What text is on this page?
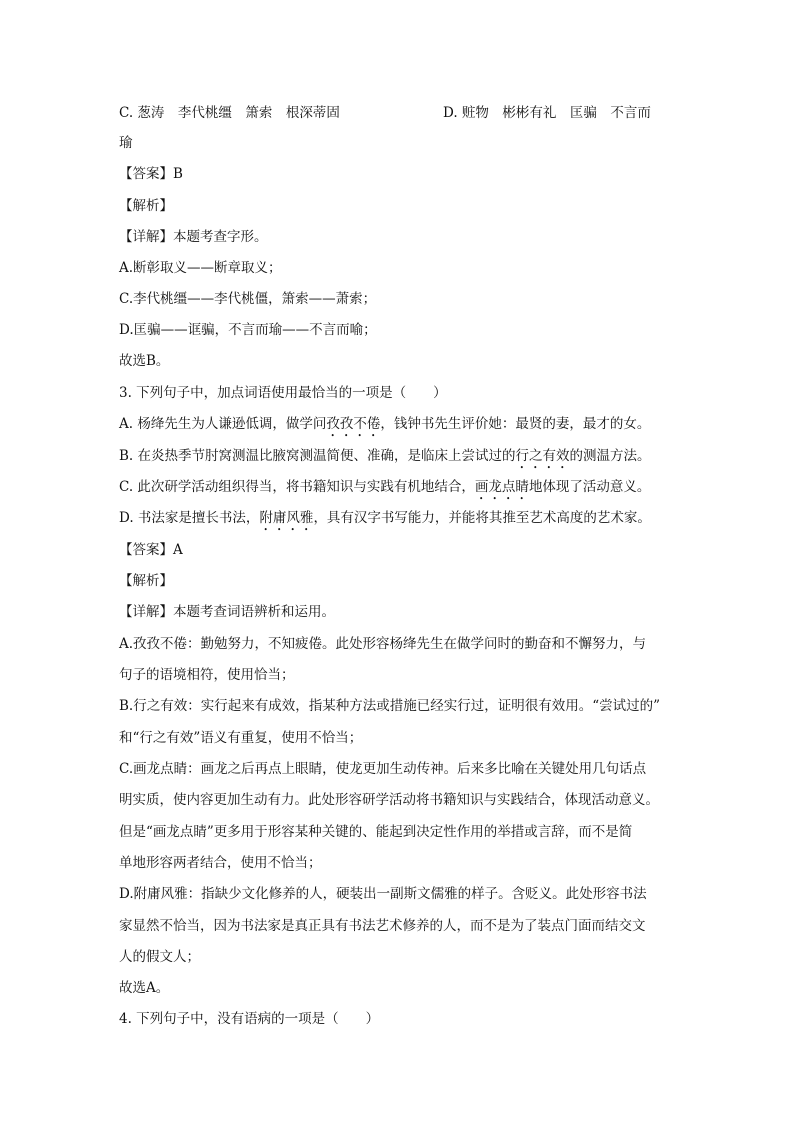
C. 葱涛　李代桃缰　箫索　根深蒂固	D. 赃物　彬彬有礼　匡骗　不言而
瑜
【答案】B
【解析】
【详解】本题考查字形。
A.断彰取义——断章取义；
C.李代桃缰——李代桃僵，箫索——萧索；
D.匡骗——诓骗，不言而瑜——不言而喻；
故选B。
3. 下列句子中，加点词语使用最恰当的一项是（　　）
A. 杨绛先生为人谦逊低调，做学问孜孜不倦，钱钟书先生评价她：最贤的妻，最才的女。
B. 在炎热季节肘窝测温比腋窝测温简便、准确，是临床上尝试过的行之有效的测温方法。
C. 此次研学活动组织得当，将书籍知识与实践有机地结合，画龙点睛地体现了活动意义。
D. 书法家是擅长书法，附庸风雅，具有汉字书写能力，并能将其推至艺术高度的艺术家。
【答案】A
【解析】
【详解】本题考查词语辨析和运用。
A.孜孜不倦：勤勉努力，不知疲倦。此处形容杨绛先生在做学问时的勤奋和不懈努力，与
句子的语境相符，使用恰当；
B.行之有效：实行起来有成效，指某种方法或措施已经实行过，证明很有效用。“尝试过的”
和“行之有效”语义有重复，使用不恰当；
C.画龙点睛：画龙之后再点上眼睛，使龙更加生动传神。后来多比喻在关键处用几句话点
明实质，使内容更加生动有力。此处形容研学活动将书籍知识与实践结合，体现活动意义。
但是“画龙点睛”更多用于形容某种关键的、能起到决定性作用的举措或言辞，而不是简
单地形容两者结合，使用不恰当；
D.附庸风雅：指缺少文化修养的人，硬装出一副斯文儒雅的样子。含贬义。此处形容书法
家显然不恰当，因为书法家是真正具有书法艺术修养的人，而不是为了装点门面而结交文
人的假文人；
故选A。
4. 下列句子中，没有语病的一项是（　　）
